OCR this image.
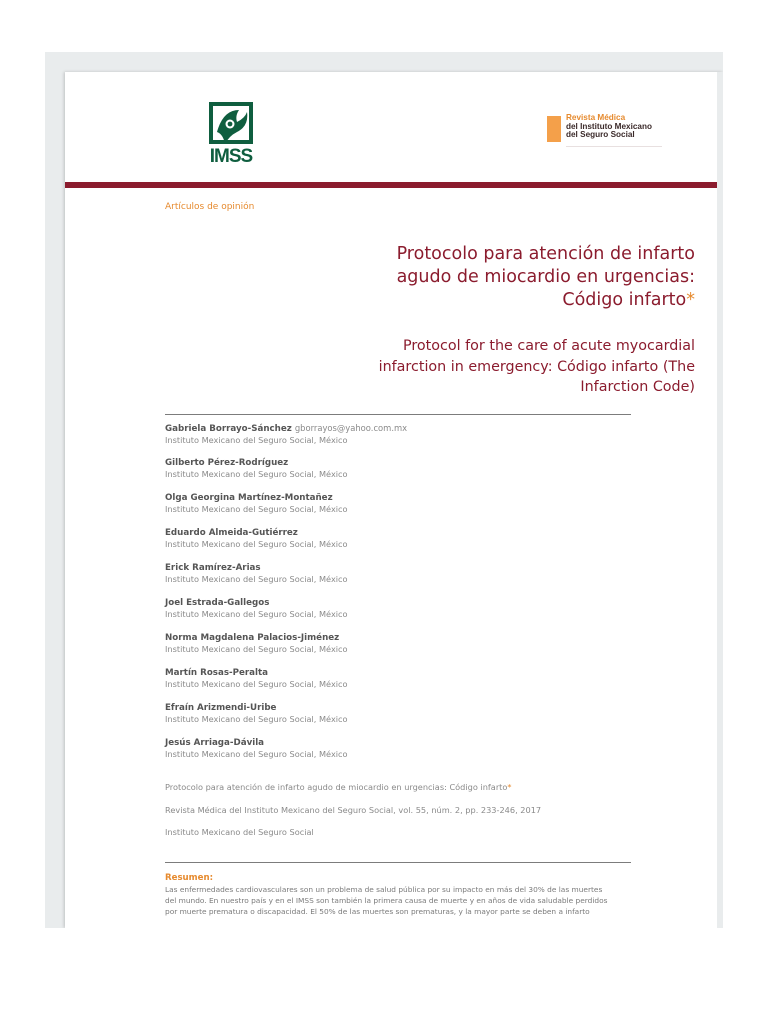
IMSS
Revista Médica
del Instituto Mexicano
del Seguro Social
Artículos de opinión
Protocolo para atención de infarto
agudo de miocardio en urgencias:
Código infarto*
Protocol for the care of acute myocardial
infarction in emergency: Código infarto (The
Infarction Code)
Gabriela Borrayo-Sánchez gborrayos@yahoo.com.mx
Instituto Mexicano del Seguro Social, México
Gilberto Pérez-Rodríguez
Instituto Mexicano del Seguro Social, México
Olga Georgina Martínez-Montañez
Instituto Mexicano del Seguro Social, México
Eduardo Almeida-Gutiérrez
Instituto Mexicano del Seguro Social, México
Erick Ramírez-Arias
Instituto Mexicano del Seguro Social, México
Joel Estrada-Gallegos
Instituto Mexicano del Seguro Social, México
Norma Magdalena Palacios-Jiménez
Instituto Mexicano del Seguro Social, México
Martín Rosas-Peralta
Instituto Mexicano del Seguro Social, México
Efraín Arizmendi-Uribe
Instituto Mexicano del Seguro Social, México
Jesús Arriaga-Dávila
Instituto Mexicano del Seguro Social, México
Protocolo para atención de infarto agudo de miocardio en urgencias: Código infarto*
Revista Médica del Instituto Mexicano del Seguro Social, vol. 55, núm. 2, pp. 233-246, 2017
Instituto Mexicano del Seguro Social
Resumen:
Las enfermedades cardiovasculares son un problema de salud pública por su impacto en más del 30% de las muertes
del mundo. En nuestro país y en el IMSS son también la primera causa de muerte y en años de vida saludable perdidos
por muerte prematura o discapacidad. El 50% de las muertes son prematuras, y la mayor parte se deben a infarto
